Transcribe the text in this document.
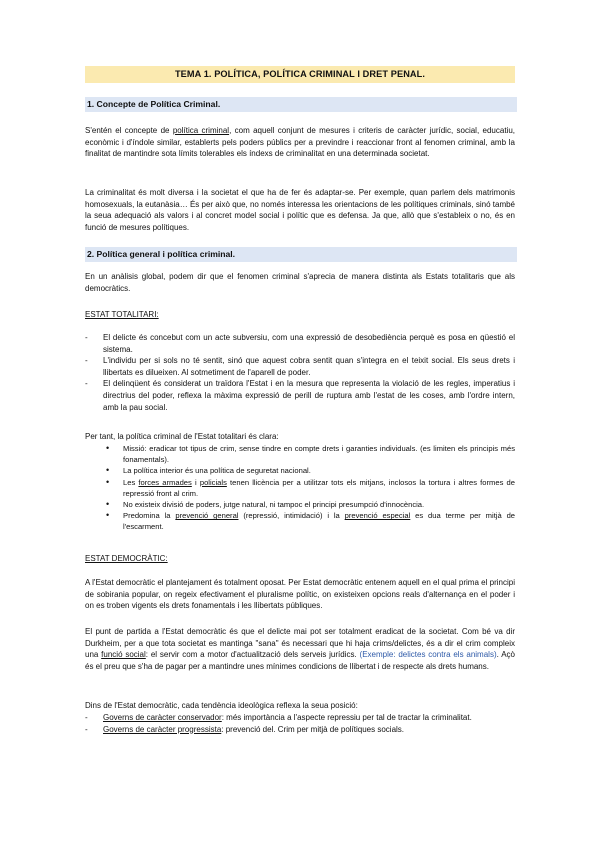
TEMA 1. POLÍTICA, POLÍTICA CRIMINAL I DRET PENAL.
1. Concepte de Política Criminal.

S'entén el concepte de política criminal, com aquell conjunt de mesures i criteris de caràcter jurídic, social, educatiu, econòmic i d'índole similar, establerts pels poders públics per a previndre i reaccionar front al fenomen criminal, amb la finalitat de mantindre sota límits tolerables els índexs de criminalitat en una determinada societat.

La criminalitat és molt diversa i la societat el que ha de fer és adaptar-se. Per exemple, quan parlem dels matrimonis homosexuals, la eutanàsia… És per això que, no només interessa les orientacions de les polítiques criminals, sinó també la seua adequació als valors i al concret model social i polític que es defensa. Ja que, allò que s'estableix o no, és en funció de mesures polítiques.

2. Política general i política criminal.

En un anàlisis global, podem dir que el fenomen criminal s'aprecia de manera distinta als Estats totalitaris que als democràtics.

ESTAT TOTALITARI:
- El delicte és concebut com un acte subversiu, com una expressió de desobediència perquè es posa en qüestió el sistema.
- L'individu per si sols no té sentit, sinó que aquest cobra sentit quan s'integra en el teixit social. Els seus drets i llibertats es dilueixen. Al sotmetiment de l'aparell de poder.
- El delinqüent és considerat un traïdora l'Estat i en la mesura que representa la violació de les regles, imperatius i directrius del poder, reflexa la màxima expressió de perill de ruptura amb l'estat de les coses, amb l'ordre intern, amb la pau social.

Per tant, la política criminal de l'Estat totalitari és clara:

• Missió: eradicar tot tipus de crim, sense tindre en compte drets i garanties individuals. (es limiten els principis més fonamentals).
• La política interior és una política de seguretat nacional.
• Les forces armades i policials tenen llicència per a utilitzar tots els mitjans, inclosos la tortura i altres formes de repressió front al crim.
• No existeix divisió de poders, jutge natural, ni tampoc el principi presumpció d'innocència.
• Predomina la prevenció general (repressió, intimidació) i la prevenció especial es dua terme per mitjà de l'escarment.
ESTAT DEMOCRÀTIC:

A l'Estat democràtic el plantejament és totalment oposat. Per Estat democràtic entenem aquell en el qual prima el principi de sobirania popular, on regeix efectivament el pluralisme polític, on existeixen opcions reals d'alternança en el poder i on es troben vigents els drets fonamentals i les llibertats públiques.

El punt de partida a l'Estat democràtic és que el delicte mai pot ser totalment eradicat de la societat. Com bé va dir Durkheim, per a que tota societat es mantinga "sana" és necessari que hi haja crims/delictes, és a dir el crim compleix una funció social: el servir com a motor d'actualització dels serveis jurídics. (Exemple: delictes contra els animals). Açò és el preu que s'ha de pagar per a mantindre unes mínimes condicions de llibertat i de respecte als drets humans.

Dins de l'Estat democràtic, cada tendència ideològica reflexa la seua posició:

- Governs de caràcter conservador: més importància a l'aspecte repressiu per tal de tractar la criminalitat.
- Governs de caràcter progressista: prevenció del. Crim per mitjà de polítiques socials.
